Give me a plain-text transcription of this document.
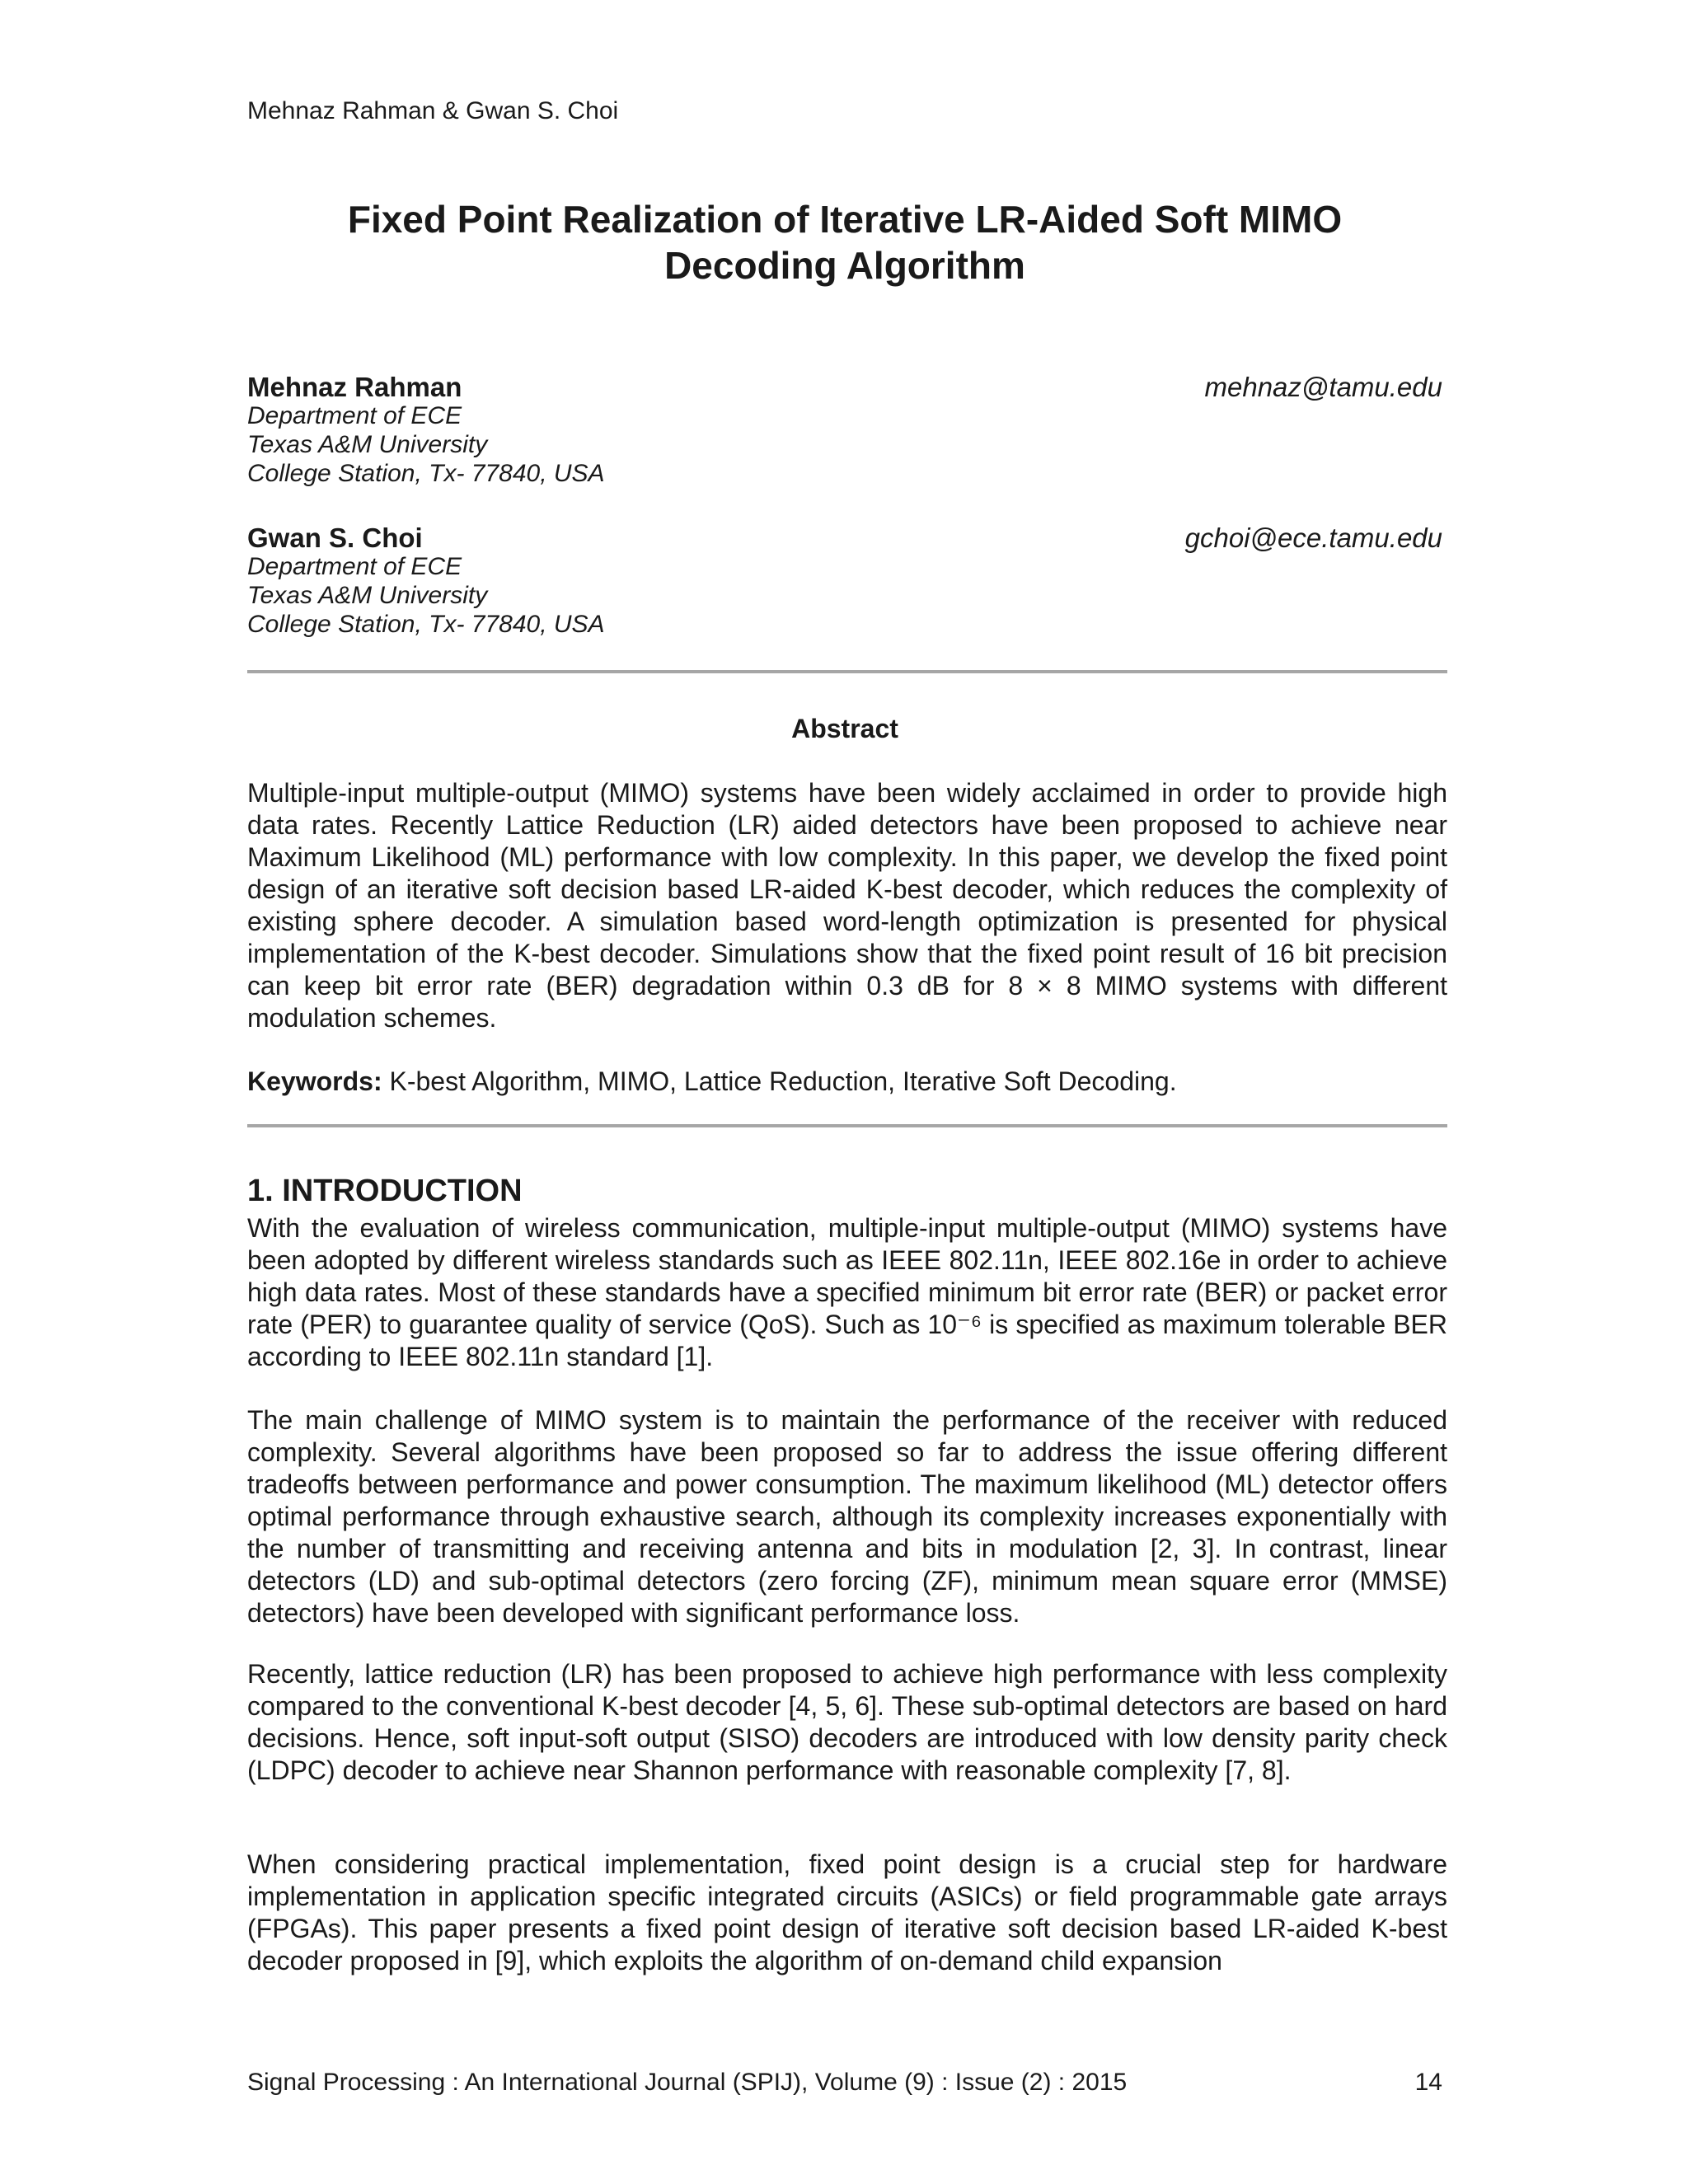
Mehnaz Rahman & Gwan S. Choi
Fixed Point Realization of Iterative LR-Aided Soft MIMO
Decoding Algorithm
Mehnaz Rahman
Department of ECE
Texas A&M University
College Station, Tx- 77840, USA
mehnaz@tamu.edu
Gwan S. Choi
Department of ECE
Texas A&M University
College Station, Tx- 77840, USA
gchoi@ece.tamu.edu
Abstract
Multiple-input multiple-output (MIMO) systems have been widely acclaimed in order to provide high data rates. Recently Lattice Reduction (LR) aided detectors have been proposed to achieve near Maximum Likelihood (ML) performance with low complexity. In this paper, we develop the fixed point design of an iterative soft decision based LR-aided K-best decoder, which reduces the complexity of existing sphere decoder. A simulation based word-length optimization is presented for physical implementation of the K-best decoder. Simulations show that the fixed point result of 16 bit precision can keep bit error rate (BER) degradation within 0.3 dB for 8 × 8 MIMO systems with different modulation schemes.
Keywords: K-best Algorithm, MIMO, Lattice Reduction, Iterative Soft Decoding.
1. INTRODUCTION
With the evaluation of wireless communication, multiple-input multiple-output (MIMO) systems have been adopted by different wireless standards such as IEEE 802.11n, IEEE 802.16e in order to achieve high data rates. Most of these standards have a specified minimum bit error rate (BER) or packet error rate (PER) to guarantee quality of service (QoS). Such as 10⁻⁶ is specified as maximum tolerable BER according to IEEE 802.11n standard [1].
The main challenge of MIMO system is to maintain the performance of the receiver with reduced complexity. Several algorithms have been proposed so far to address the issue offering different tradeoffs between performance and power consumption. The maximum likelihood (ML) detector offers optimal performance through exhaustive search, although its complexity increases exponentially with the number of transmitting and receiving antenna and bits in modulation [2, 3]. In contrast, linear detectors (LD) and sub-optimal detectors (zero forcing (ZF), minimum mean square error (MMSE) detectors) have been developed with significant performance loss.
Recently, lattice reduction (LR) has been proposed to achieve high performance with less complexity compared to the conventional K-best decoder [4, 5, 6]. These sub-optimal detectors are based on hard decisions. Hence, soft input-soft output (SISO) decoders are introduced with low density parity check (LDPC) decoder to achieve near Shannon performance with reasonable complexity [7, 8].
When considering practical implementation, fixed point design is a crucial step for hardware implementation in application specific integrated circuits (ASICs) or field programmable gate arrays (FPGAs). This paper presents a fixed point design of iterative soft decision based LR-aided K-best decoder proposed in [9], which exploits the algorithm of on-demand child expansion
Signal Processing : An International Journal (SPIJ), Volume (9) : Issue (2) : 2015	14
